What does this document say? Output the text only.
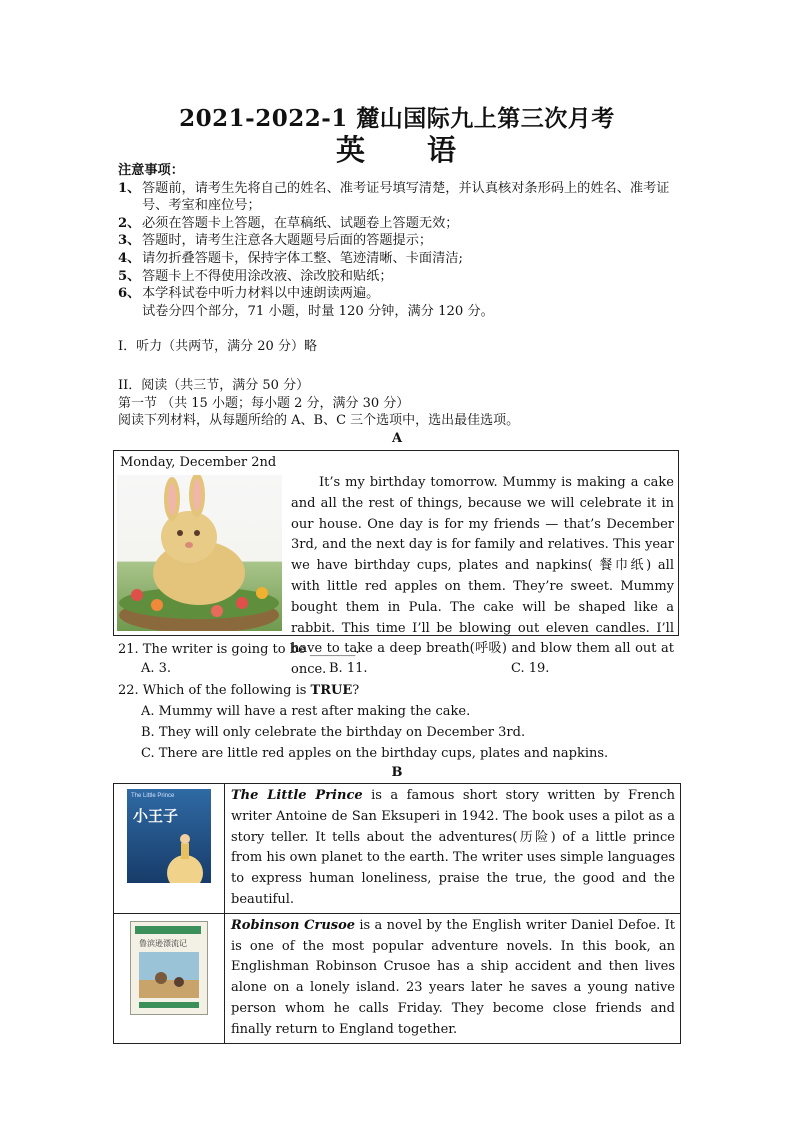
2021-2022-1 麓山国际九上第三次月考
英 语
注意事项：
1、 答题前，请考生先将自己的姓名、准考证号填写清楚，并认真核对条形码上的姓名、准考证号、考室和座位号；
2、 必须在答题卡上答题，在草稿纸、试题卷上答题无效；
3、 答题时，请考生注意各大题题号后面的答题提示；
4、 请勿折叠答题卡，保持字体工整、笔迹清晰、卡面清洁;
5、 答题卡上不得使用涂改液、涂改胶和贴纸；
6、 本学科试卷中听力材料以中速朗读两遍。
试卷分四个部分，71 小题，时量 120 分钟，满分 120 分。
I．听力（共两节，满分 20 分）略
II．阅读（共三节，满分 50 分）
第一节 （共 15 小题；每小题 2 分，满分 30 分）
阅读下列材料，从每题所给的 A、B、C 三个选项中，选出最佳选项。
A
Monday, December 2nd
It’s my birthday tomorrow. Mummy is making a cake and all the rest of things, because we will celebrate it in our house. One day is for my friends — that’s December 3rd, and the next day is for family and relatives. This year we have birthday cups, plates and napkins( 餐巾纸) all with little red apples on them. They’re sweet. Mummy bought them in Pula. The cake will be shaped like a rabbit. This time I’ll be blowing out eleven candles. I’ll have to take a deep breath(呼吸) and blow them all out at once.
21. The writer is going to be _______.
A. 3.	B. 11.	C. 19.
22. Which of the following is TRUE?
A. Mummy will have a rest after making the cake.
B. They will only celebrate the birthday on December 3rd.
C. There are little red apples on the birthday cups, plates and napkins.
B
The Little Prince
小王子	The Little Prince is a famous short story written by French writer Antoine de San Eksuperi in 1942. The book uses a pilot as a story teller. It tells about the adventures(历险) of a little prince from his own planet to the earth. The writer uses simple languages to express human loneliness, praise the true, the good and the beautiful.

鲁滨逊漂流记	Robinson Crusoe is a novel by the English writer Daniel Defoe. It is one of the most popular adventure novels. In this book, an Englishman Robinson Crusoe has a ship accident and then lives alone on a lonely island. 23 years later he saves a young native person whom he calls Friday. They become close friends and finally return to England together.
